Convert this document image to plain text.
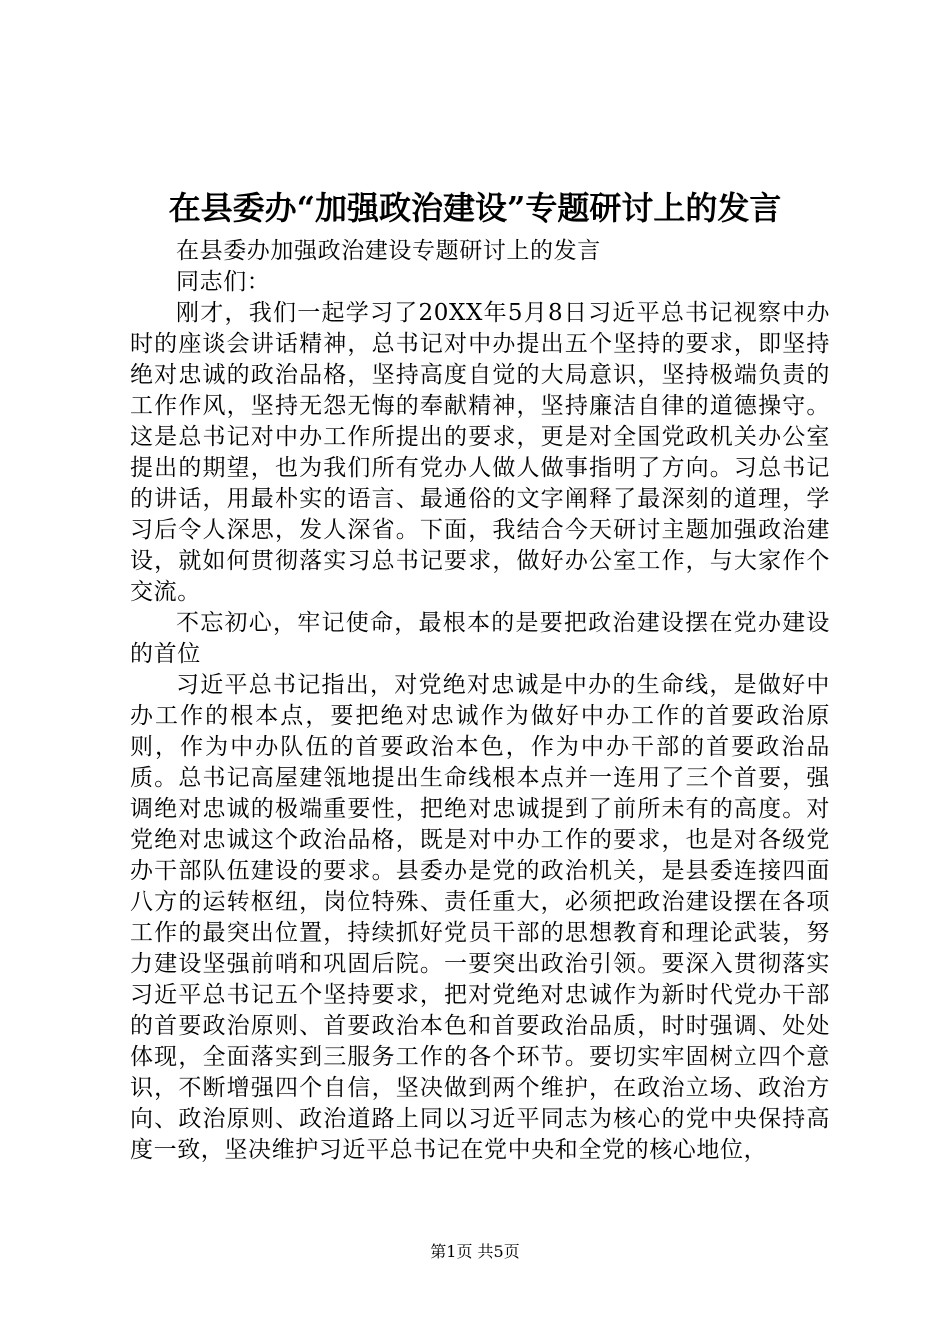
在县委办“加强政治建设”专题研讨上的发言

在县委办加强政治建设专题研讨上的发言

同志们：

刚才，我们一起学习了20XX年5月8日习近平总书记视察中办时的座谈会讲话精神，总书记对中办提出五个坚持的要求，即坚持绝对忠诚的政治品格，坚持高度自觉的大局意识，坚持极端负责的工作作风，坚持无怨无悔的奉献精神，坚持廉洁自律的道德操守。这是总书记对中办工作所提出的要求，更是对全国党政机关办公室提出的期望，也为我们所有党办人做人做事指明了方向。习总书记的讲话，用最朴实的语言、最通俗的文字阐释了最深刻的道理，学习后令人深思，发人深省。下面，我结合今天研讨主题加强政治建设，就如何贯彻落实习总书记要求，做好办公室工作，与大家作个交流。

不忘初心，牢记使命，最根本的是要把政治建设摆在党办建设的首位

习近平总书记指出，对党绝对忠诚是中办的生命线，是做好中办工作的根本点，要把绝对忠诚作为做好中办工作的首要政治原则，作为中办队伍的首要政治本色，作为中办干部的首要政治品质。总书记高屋建瓴地提出生命线根本点并一连用了三个首要，强调绝对忠诚的极端重要性，把绝对忠诚提到了前所未有的高度。对党绝对忠诚这个政治品格，既是对中办工作的要求，也是对各级党办干部队伍建设的要求。县委办是党的政治机关，是县委连接四面八方的运转枢纽，岗位特殊、责任重大，必须把政治建设摆在各项工作的最突出位置，持续抓好党员干部的思想教育和理论武装，努力建设坚强前哨和巩固后院。一要突出政治引领。要深入贯彻落实习近平总书记五个坚持要求，把对党绝对忠诚作为新时代党办干部的首要政治原则、首要政治本色和首要政治品质，时时强调、处处体现，全面落实到三服务工作的各个环节。要切实牢固树立四个意识，不断增强四个自信，坚决做到两个维护，在政治立场、政治方向、政治原则、政治道路上同以习近平同志为核心的党中央保持高度一致，坚决维护习近平总书记在党中央和全党的核心地位，

第1页 共5页
